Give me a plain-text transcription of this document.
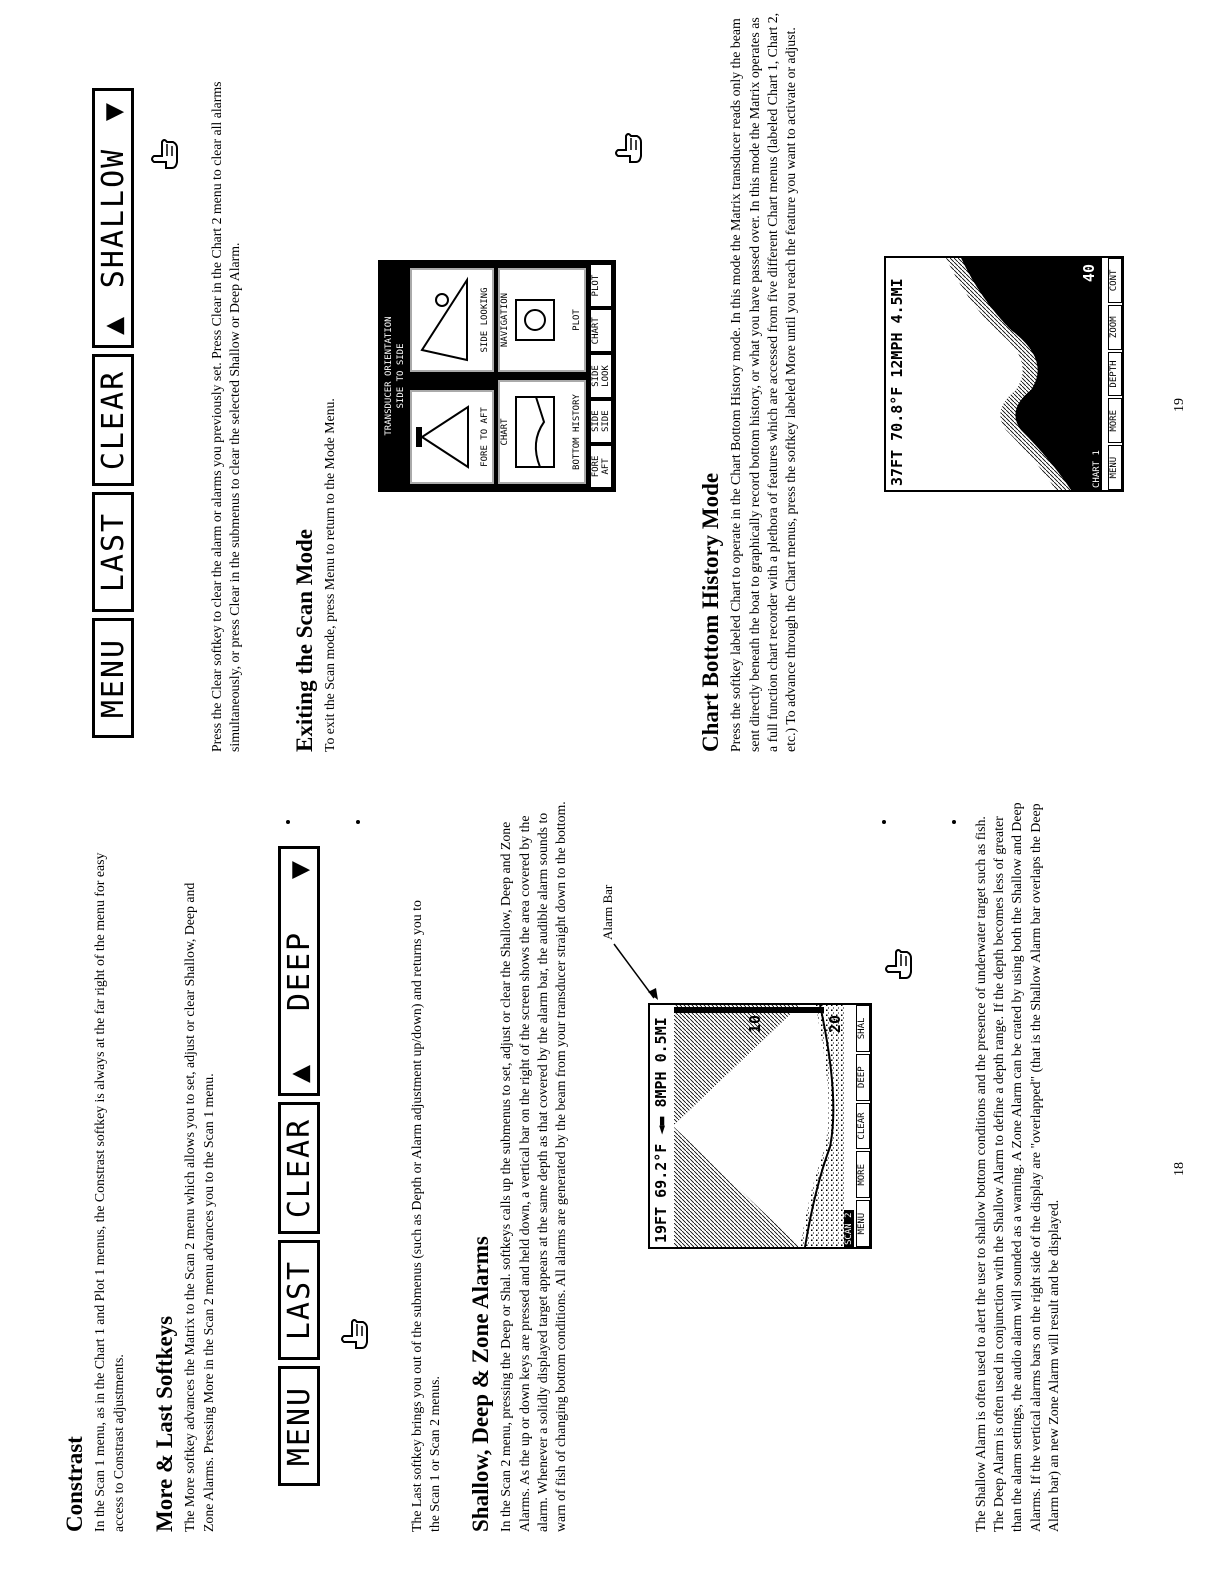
Constrast In the Scan 1 menu, as in the Chart 1 and Plot 1 menus, the Constrast softkey is always at the far right of the menu for easy access to Constrast adjustments. More & Last Softkeys The More softkey advances the Matrix to the Scan 2 menu which allows you to set, adjust or clear Shallow, Deep and Zone Alarms. Pressing More in the Scan 2 menu advances you to the Scan 1 menu. MENU
LAST
CLEAR
▲
DEEP
▼

The Last softkey brings you out of the submenus (such as Depth or Alarm adjustment up/down) and returns you to the Scan 1 or Scan 2 menus. Shallow, Deep & Zone Alarms In the Scan 2 menu, pressing the Deep or Shal. softkeys calls up the submenus to set, adjust or clear the Shallow, Deep and Zone Alarms. As the up or down keys are pressed and held down, a vertical bar on the right of the screen shows the area covered by the alarm. Whenever a solidly displayed target appears at the same depth as that covered by the alarm bar, the audible alarm sounds to warn of fish of changing bottom conditions. All alarms are generated by the beam from your transducer straight down to the bottom.	19FT 69.2°F ◄▬ 8MPH 0.5MI	10	20
SCAN 2 MENU
MORE
CLEAR
DEEP
SHAL
Alarm Bar	The Shallow Alarm is often used to alert the user to shallow bottom conditions and the presence of underwater target such as fish. The Deep Alarm is often used in conjunction with the Shallow Alarm to define a depth range. If the depth becomes less of greater than the alarm settings, the audio alarm will sounded as a warning. A Zone Alarm can be crated by using both the Shallow and Deep Alarms. If the vertical alarms bars on the right side of the display are "overlapped" (that is the Shallow Alarm bar overlaps the Deep Alarm bar) an new Zone Alarm will result and be displayed.

18
MENU
LAST
CLEAR
▲
SHALLOW
▼	Press the Clear softkey to clear the alarm or alarms you previously set. Press Clear in the Chart 2 menu to clear all alarms simultaneously, or press Clear in the submenus to clear the selected Shallow or Deep Alarm. Exiting the Scan Mode To exit the Scan mode, press Menu to return to the Mode Menu.

TRANSDUCER ORIENTATION SIDE TO SIDE
FORE TO AFT
SIDE LOOKING
CHART	BOTTOM HISTORY
NAVIGATION	PLOT
FORE AFT
SIDE SIDE
SIDE LOOK
CHART
PLOT
Chart Bottom History Mode Press the softkey labeled Chart to operate in the Chart Bottom History mode. In this mode the Matrix transducer reads only the beam sent directly beneath the boat to graphically record bottom history, or what you have passed over. In this mode the Matrix operates as a full function chart recorder with a plethora of features which are accessed from five different Chart menus (labeled Chart 1, Chart 2, etc.) To advance through the Chart menus, press the softkey labeled More until you reach the feature you want to activate or adjust.	37FT 70.8°F 12MPH 4.5MI
40
CHART 1 MENU
MORE
DEPTH
ZOOM
CONT
19
